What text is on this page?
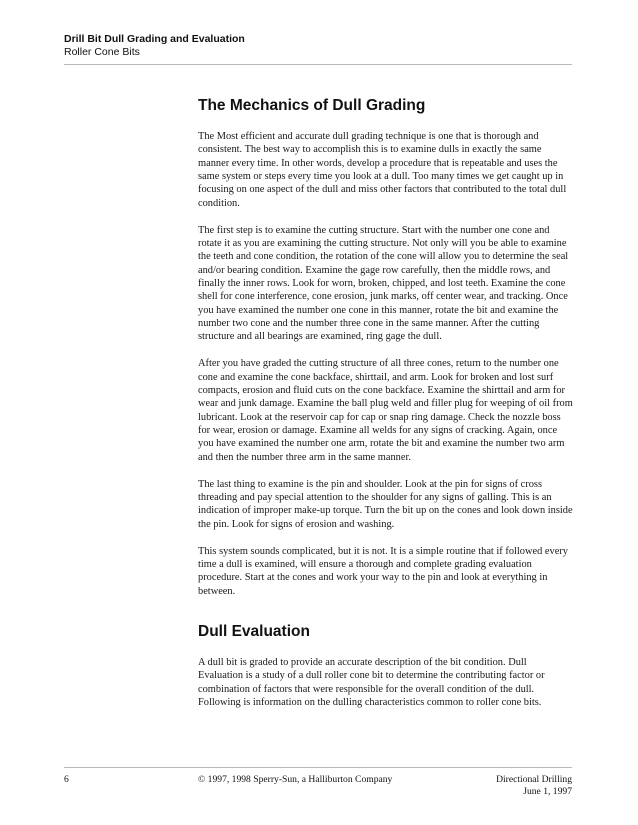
Drill Bit Dull Grading and Evaluation
Roller Cone Bits
The Mechanics of Dull Grading

The Most efficient and accurate dull grading technique is one that is thorough and consistent. The best way to accomplish this is to examine dulls in exactly the same manner every time. In other words, develop a procedure that is repeatable and uses the same system or steps every time you look at a dull. Too many times we get caught up in focusing on one aspect of the dull and miss other factors that contributed to the total dull condition.

The first step is to examine the cutting structure. Start with the number one cone and rotate it as you are examining the cutting structure. Not only will you be able to examine the teeth and cone condition, the rotation of the cone will allow you to determine the seal and/or bearing condition. Examine the gage row carefully, then the middle rows, and finally the inner rows. Look for worn, broken, chipped, and lost teeth. Examine the cone shell for cone interference, cone erosion, junk marks, off center wear, and tracking. Once you have examined the number one cone in this manner, rotate the bit and examine the number two cone and the number three cone in the same manner. After the cutting structure and all bearings are examined, ring gage the dull.

After you have graded the cutting structure of all three cones, return to the number one cone and examine the cone backface, shirttail, and arm. Look for broken and lost surf compacts, erosion and fluid cuts on the cone backface. Examine the shirttail and arm for wear and junk damage. Examine the ball plug weld and filler plug for weeping of oil from lubricant. Look at the reservoir cap for cap or snap ring damage. Check the nozzle boss for wear, erosion or damage. Examine all welds for any signs of cracking. Again, once you have examined the number one arm, rotate the bit and examine the number two arm and then the number three arm in the same manner.

The last thing to examine is the pin and shoulder. Look at the pin for signs of cross threading and pay special attention to the shoulder for any signs of galling. This is an indication of improper make-up torque. Turn the bit up on the cones and look down inside the pin. Look for signs of erosion and washing.

This system sounds complicated, but it is not. It is a simple routine that if followed every time a dull is examined, will ensure a thorough and complete grading evaluation procedure. Start at the cones and work your way to the pin and look at everything in between.

Dull Evaluation

A dull bit is graded to provide an accurate description of the bit condition. Dull Evaluation is a study of a dull roller cone bit to determine the contributing factor or combination of factors that were responsible for the overall condition of the dull. Following is information on the dulling characteristics common to roller cone bits.

6	© 1997, 1998 Sperry-Sun, a Halliburton Company	Directional Drilling
June 1, 1997
